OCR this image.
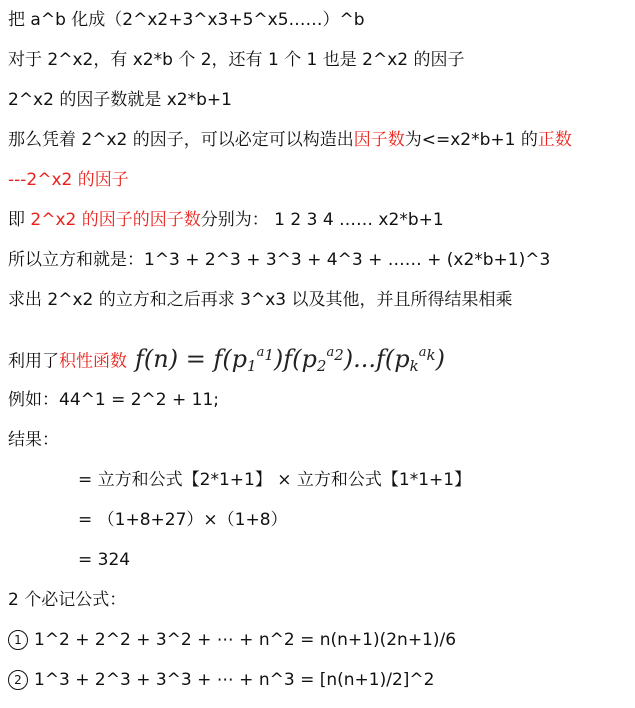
把 a^b 化成（2^x2+3^x3+5^x5……）^b
对于 2^x2，有 x2*b 个 2，还有 1 个 1 也是 2^x2 的因子
2^x2 的因子数就是 x2*b+1
那么凭着 2^x2 的因子，可以必定可以构造出因子数为<=x2*b+1 的正数
---2^x2 的因子
即 2^x2 的因子的因子数分别为： 1 2 3 4 …… x2*b+1
所以立方和就是：1^3 + 2^3 + 3^3 + 4^3 + …… + (x2*b+1)^3
求出 2^x2 的立方和之后再求 3^x3 以及其他，并且所得结果相乘
利用了积性函数 $f(n) = f(p_1^{a_1})f(p_2^{a_2})...f(p_k^{a_k})$
例如：44^1 = 2^2 + 11;
结果：
= 立方和公式【2*1+1】 × 立方和公式【1*1+1】
= （1+8+27）×（1+8）
= 324
2 个必记公式：
1 1^2 + 2^2 + 3^2 + ⋯ + n^2 = n(n+1)(2n+1)/6
2 1^3 + 2^3 + 3^3 + ⋯ + n^3 = [n(n+1)/2]^2
